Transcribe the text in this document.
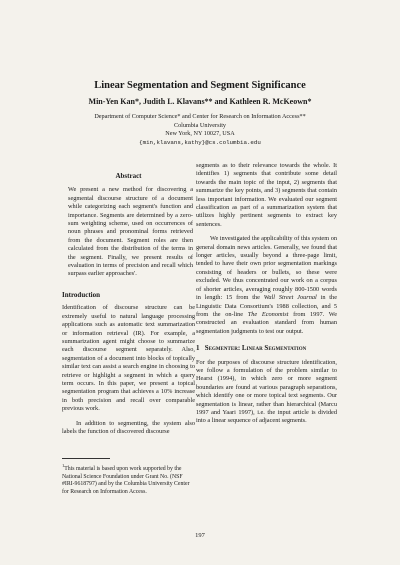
Linear Segmentation and Segment Significance
Min-Yen Kan*, Judith L. Klavans** and Kathleen R. McKeown*
Department of Computer Science* and Center for Research on Information Access**
Columbia University
New York, NY 10027, USA
{min,klavans,kathy}@cs.columbia.edu
Abstract

We present a new method for discovering a segmental discourse structure of a document while categorizing each segment's function and importance. Segments are determined by a zero-sum weighting scheme, used on occurrences of noun phrases and pronominal forms retrieved from the document. Segment roles are then calculated from the distribution of the terms in the segment. Finally, we present results of evaluation in terms of precision and recall which surpass earlier approaches'.

Introduction

Identification of discourse structure can be extremely useful to natural language processing applications such as automatic text summarization or information retrieval (IR). For example, a summarization agent might choose to summarize each discourse segment separately. Also, segmentation of a document into blocks of topically similar text can assist a search engine in choosing to retrieve or highlight a segment in which a query term occurs. In this paper, we present a topical segmentation program that achieves a 10% increase in both precision and recall over comparable previous work.

In addition to segmenting, the system also labels the function of discovered discourse

$^1$This material is based upon work supported by the National Science Foundation under Grant No. (NSF #IRI-9618797) and by the Columbia University Center for Research on Information Access.

segments as to their relevance towards the whole. It identifies 1) segments that contribute some detail towards the main topic of the input, 2) segments that summarize the key points, and 3) segments that contain less important information. We evaluated our segment classification as part of a summarization system that utilizes highly pertinent segments to extract key sentences.

We investigated the applicability of this system on general domain news articles. Generally, we found that longer articles, usually beyond a three-page limit, tended to have their own prior segmentation markings consisting of headers or bullets, so these were excluded. We thus concentrated our work on a corpus of shorter articles, averaging roughly 800-1500 words in length: 15 from the Wall Street Journal in the Linguistic Data Consortium's 1988 collection, and 5 from the on-line The Economist from 1997. We constructed an evaluation standard from human segmentation judgments to test our output.

1 Segmenter: Linear Segmentation

For the purposes of discourse structure identification, we follow a formulation of the problem similar to Hearst (1994), in which zero or more segment boundaries are found at various paragraph separations, which identify one or more topical text segments. Our segmentation is linear, rather than hierarchical (Marcu 1997 and Yaari 1997), i.e. the input article is divided into a linear sequence of adjacent segments.

197
